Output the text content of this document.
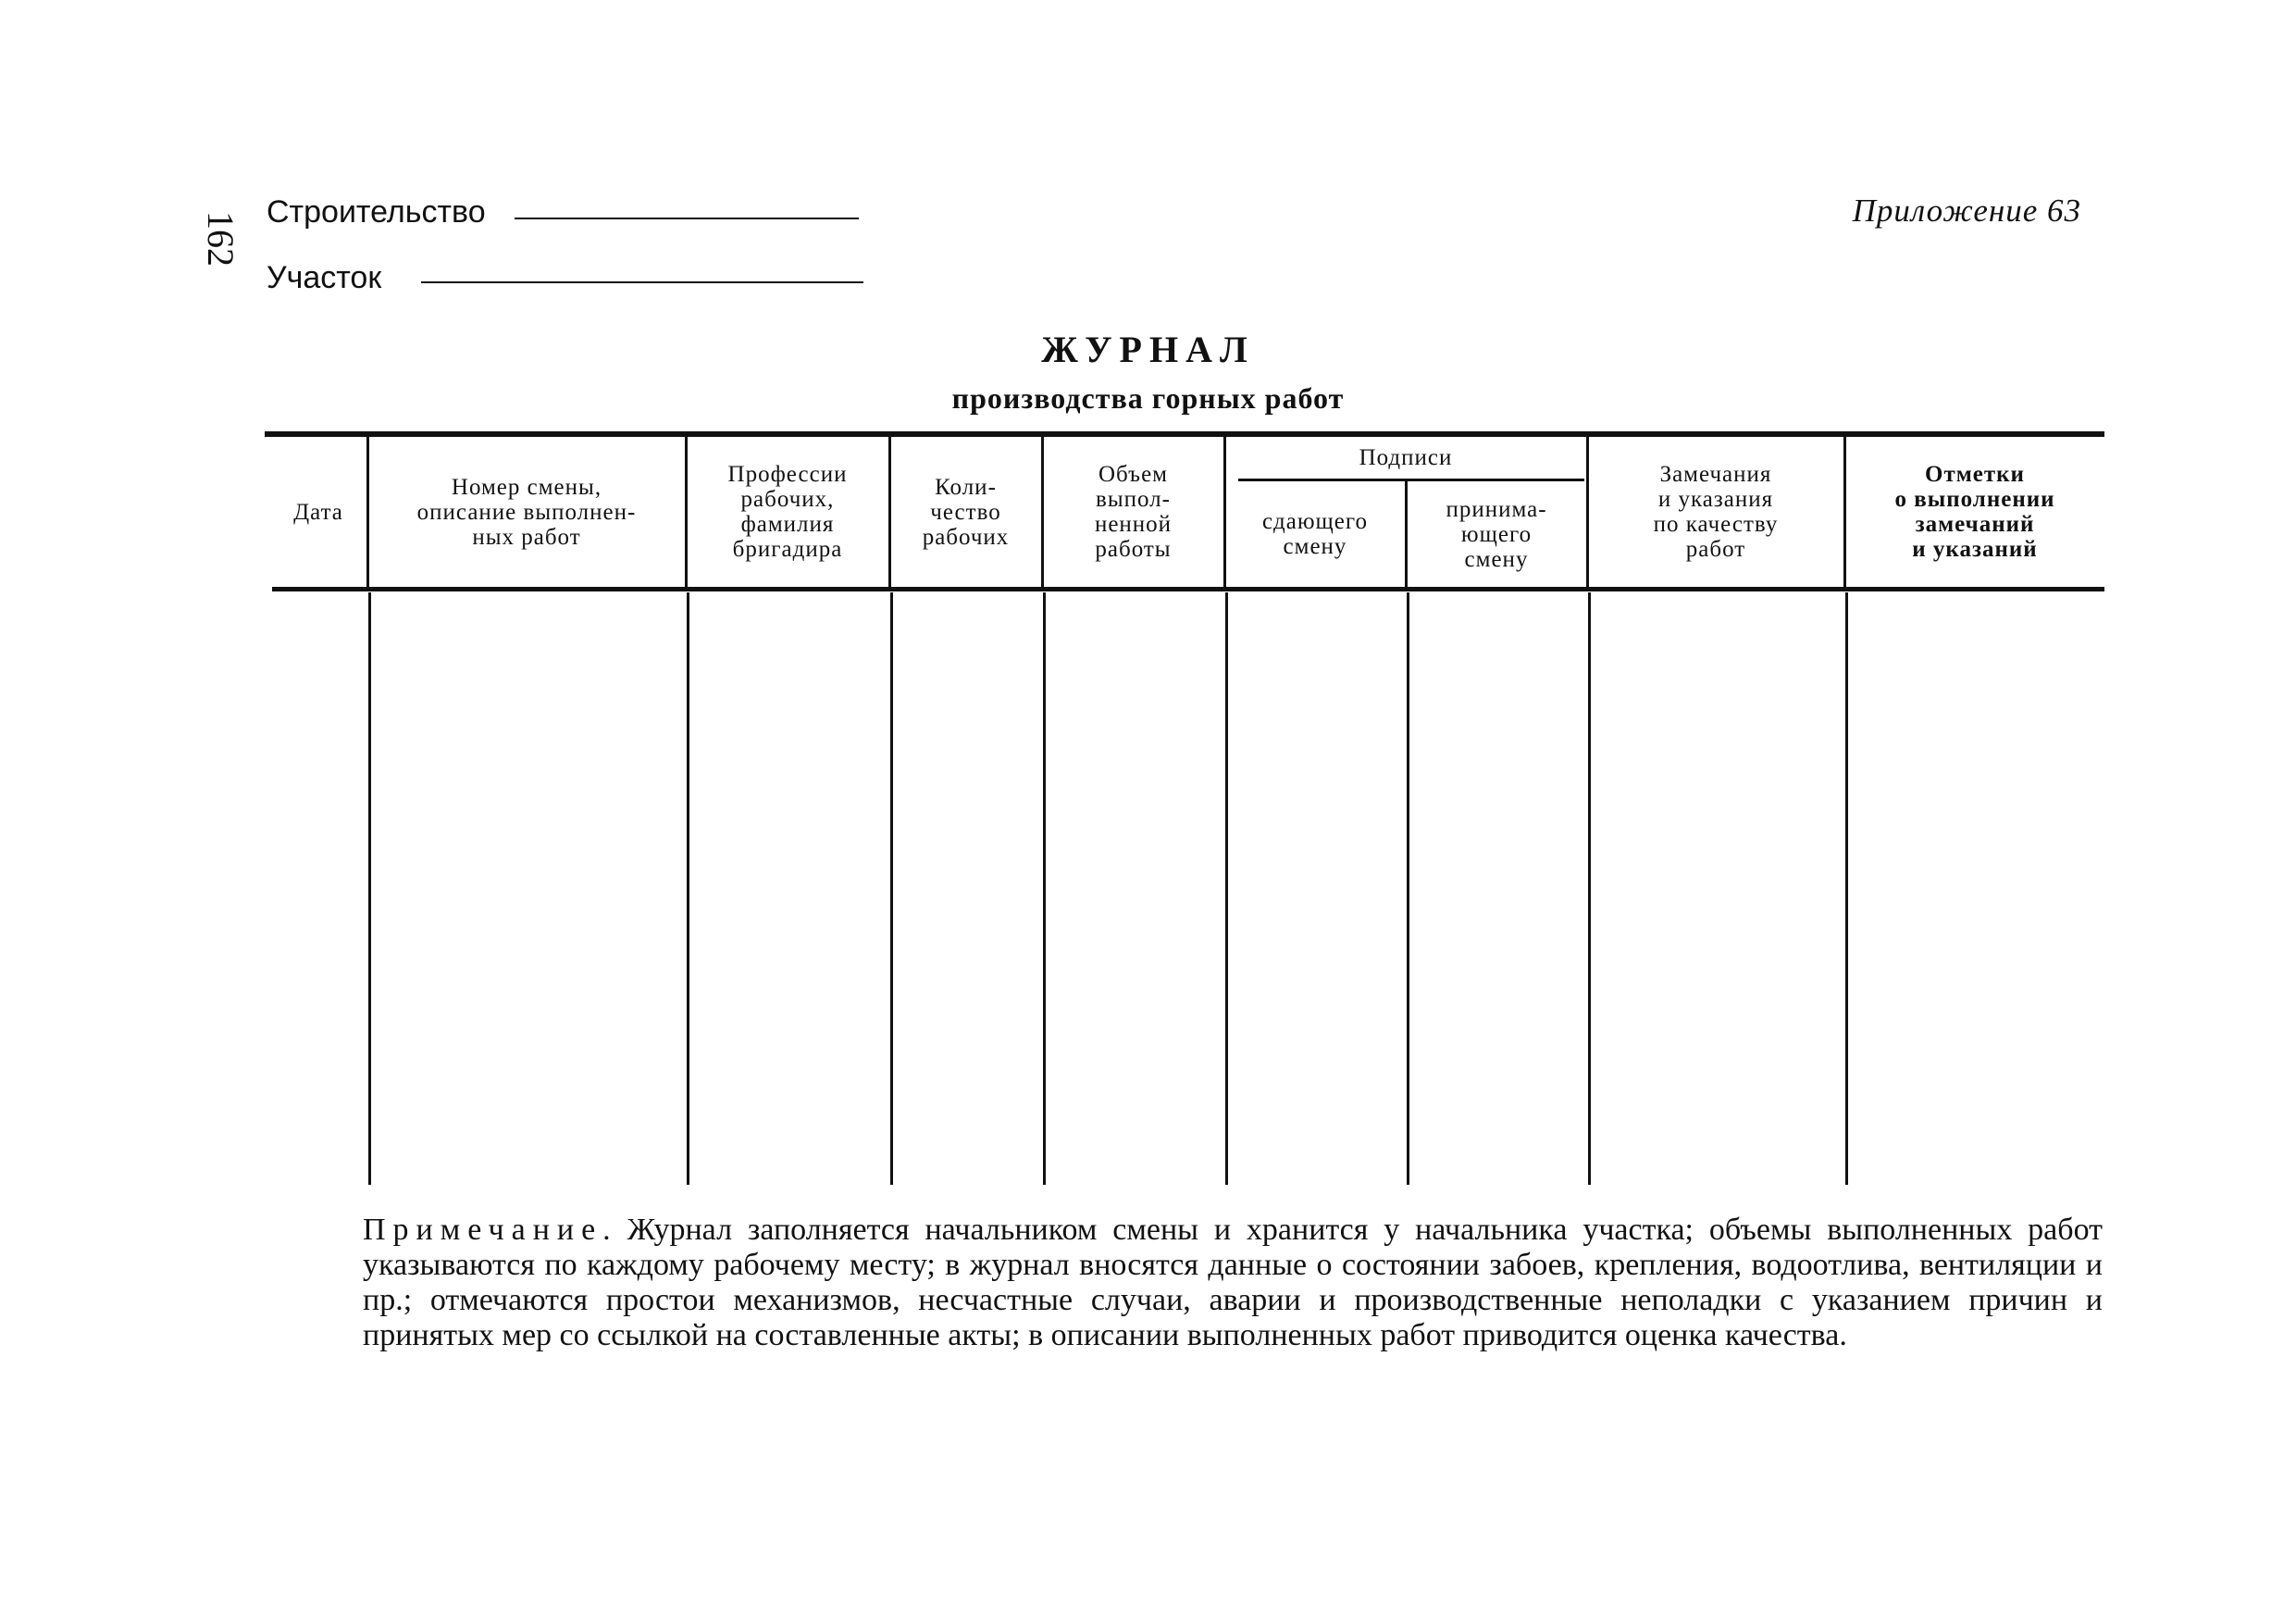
162 Строительство
Участок
Приложение 63
ЖУРНАЛ
производства горных работ
Дата
Номер смены,
описание выполнен-
ных работ
Профессии
рабочих,
фамилия
бригадира
Коли-
чество
рабочих
Объем
выпол-
ненной
работы
Подписи
сдающего
смену
принима-
ющего
смену
Замечания
и указания
по качеству
работ
Отметки
о выполнении
замечаний
и указаний
Примечание. Журнал заполняется начальником смены и хранится у начальника участка; объемы выполненных работ указываются по каждому рабочему месту; в журнал вносятся данные о состоянии забоев, крепления, водоотлива, вентиляции и пр.; отмечаются простои механизмов, несчастные случаи, аварии и производственные неполадки с указанием причин и принятых мер со ссылкой на составленные акты; в описании выполненных работ приводится оценка качества.
